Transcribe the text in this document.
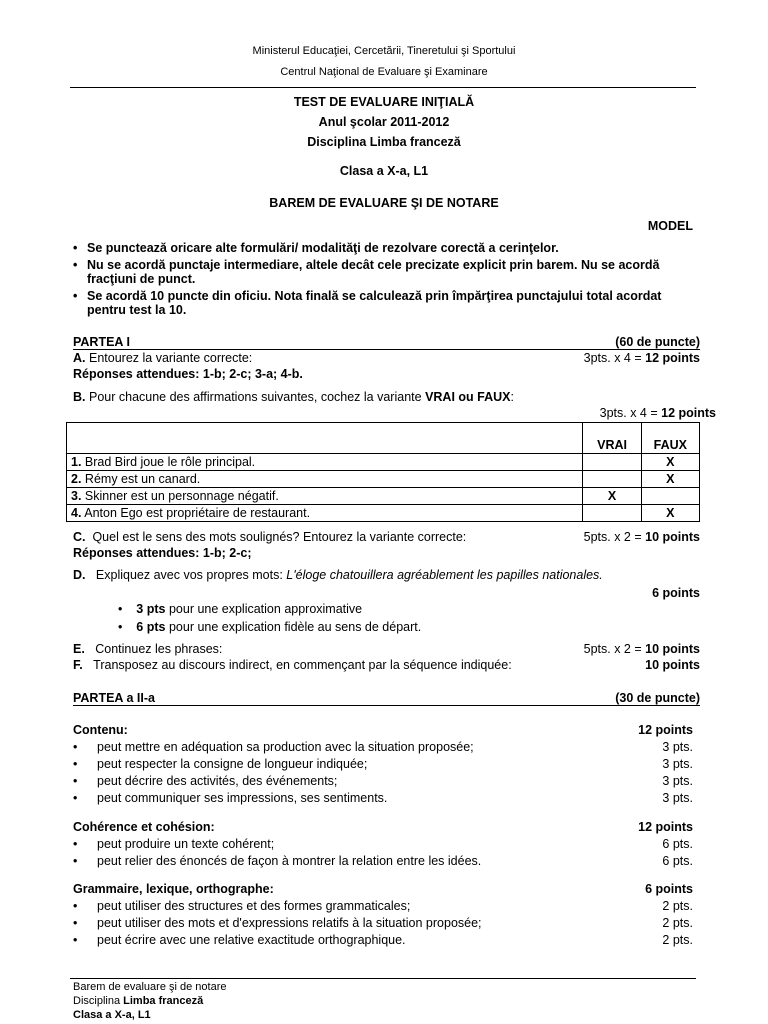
Ministerul Educaţiei, Cercetării, Tineretului şi Sportului
Centrul Naţional de Evaluare şi Examinare
TEST DE EVALUARE INIŢIALĂ
Anul şcolar 2011-2012
Disciplina Limba franceză
Clasa a X-a, L1
BAREM DE EVALUARE ŞI DE NOTARE
MODEL
• Se punctează oricare alte formulări/ modalităţi de rezolvare corectă a cerinţelor.
• Nu se acordă punctaje intermediare, altele decât cele precizate explicit prin barem. Nu se acordă fracţiuni de punct.
• Se acordă 10 puncte din oficiu. Nota finală se calculează prin împărţirea punctajului total acordat pentru test la 10.
PARTEA I	(60 de puncte)
A. Entourez la variante correcte:	3pts. x 4 = 12 points
Réponses attendues: 1-b; 2-c; 3-a; 4-b.
B. Pour chacune des affirmations suivantes, cochez la variante VRAI ou FAUX:
3pts. x 4 = 12 points
	VRAI	FAUX
1. Brad Bird joue le rôle principal.		X
2. Rémy est un canard.		X
3. Skinner est un personnage négatif.	X	
4. Anton Ego est propriétaire de restaurant.		X
C. Quel est le sens des mots soulignés? Entourez la variante correcte:	5pts. x 2 = 10 points
Réponses attendues: 1-b; 2-c;
D. Expliquez avec vos propres mots: L'éloge chatouillera agréablement les papilles nationales.
6 points
• 3 pts pour une explication approximative
• 6 pts pour une explication fidèle au sens de départ.
E. Continuez les phrases:	5pts. x 2 = 10 points
F. Transposez au discours indirect, en commençant par la séquence indiquée:	10 points
PARTEA a II-a	(30 de puncte)
Contenu:	12 points
• peut mettre en adéquation sa production avec la situation proposée;	3 pts.
• peut respecter la consigne de longueur indiquée;	3 pts.
• peut décrire des activités, des événements;	3 pts.
• peut communiquer ses impressions, ses sentiments.	3 pts.
Cohérence et cohésion:	12 points
• peut produire un texte cohérent;	6 pts.
• peut relier des énoncés de façon à montrer la relation entre les idées.	6 pts.
Grammaire, lexique, orthographe:	6 points
• peut utiliser des structures et des formes grammaticales;	2 pts.
• peut utiliser des mots et d'expressions relatifs à la situation proposée;	2 pts.
• peut écrire avec une relative exactitude orthographique.	2 pts.
Barem de evaluare şi de notare
Disciplina Limba franceză
Clasa a X-a, L1
